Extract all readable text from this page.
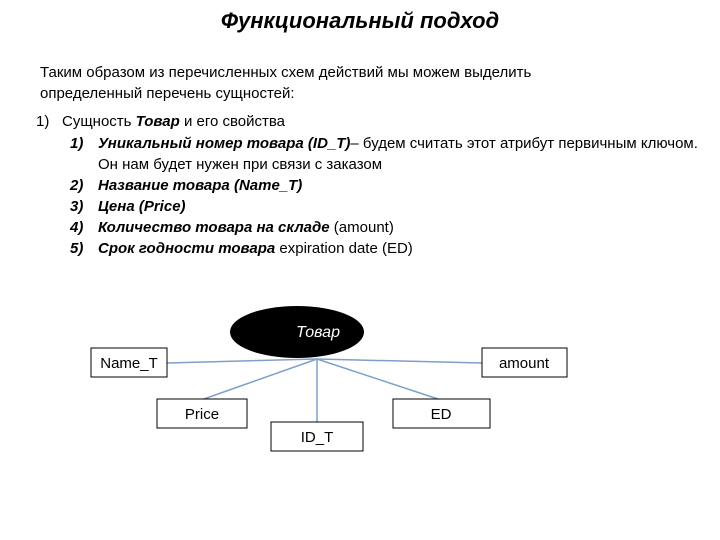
Функциональный подход
Таким образом из перечисленных схем действий мы можем выделить
определенный перечень сущностей:
1) Сущность Товар и его свойства
1) Уникальный номер товара (ID_T)– будем считать этот атрибут первичным ключом. Он нам будет нужен при связи с заказом
2) Название товара (Name_T)
3) Цена (Price)
4) Количество товара на складе (amount)
5) Срок годности товара expiration date (ED)
Товар
Name_T	amount
Price	ED
ID_T
